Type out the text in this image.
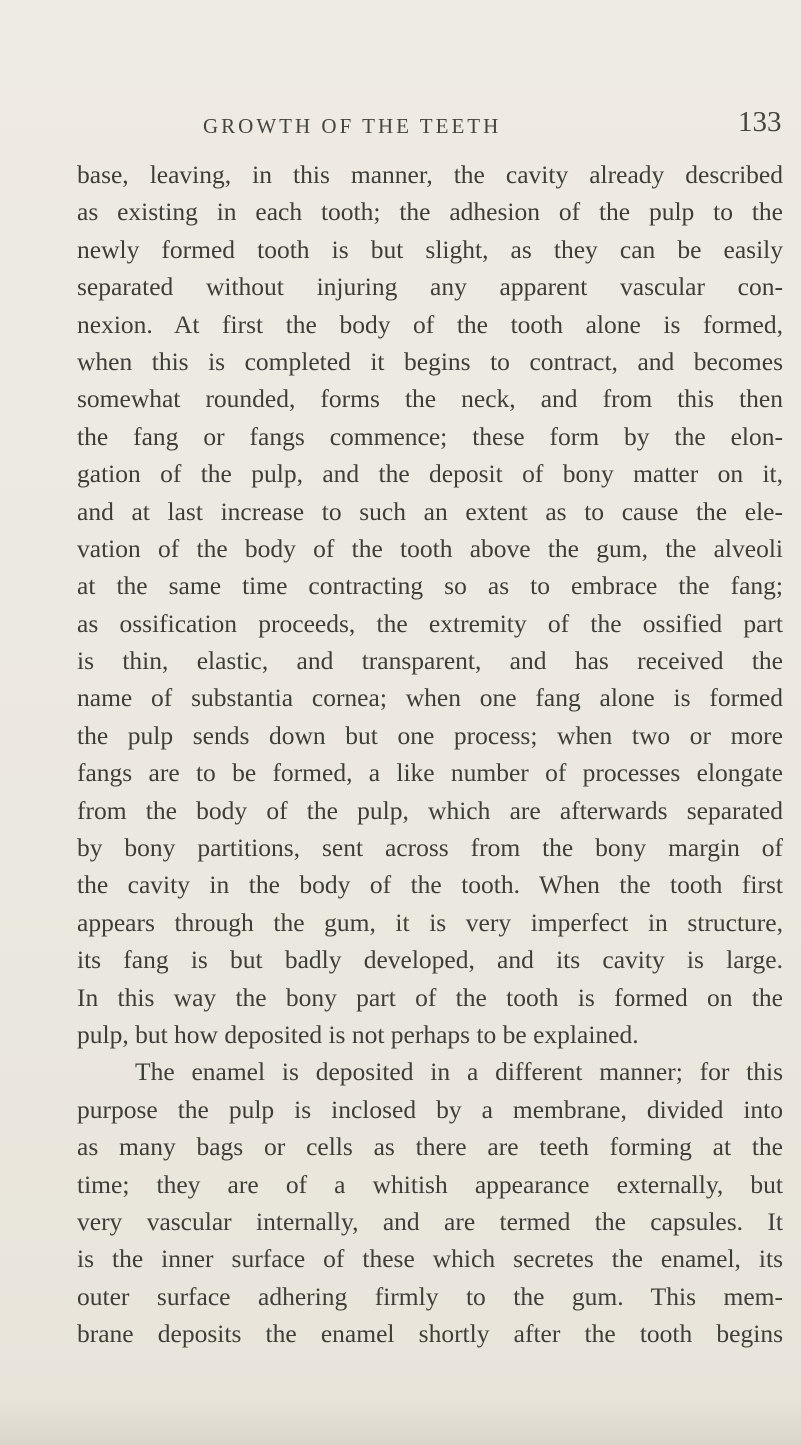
GROWTH OF THE TEETH	133
base, leaving, in this manner, the cavity already described
as existing in each tooth; the adhesion of the pulp to the
newly formed tooth is but slight, as they can be easily
separated without injuring any apparent vascular con-
nexion. At first the body of the tooth alone is formed,
when this is completed it begins to contract, and becomes
somewhat rounded, forms the neck, and from this then
the fang or fangs commence; these form by the elon-
gation of the pulp, and the deposit of bony matter on it,
and at last increase to such an extent as to cause the ele-
vation of the body of the tooth above the gum, the alveoli
at the same time contracting so as to embrace the fang;
as ossification proceeds, the extremity of the ossified part
is thin, elastic, and transparent, and has received the
name of substantia cornea; when one fang alone is formed
the pulp sends down but one process; when two or more
fangs are to be formed, a like number of processes elongate
from the body of the pulp, which are afterwards separated
by bony partitions, sent across from the bony margin of
the cavity in the body of the tooth. When the tooth first
appears through the gum, it is very imperfect in structure,
its fang is but badly developed, and its cavity is large.
In this way the bony part of the tooth is formed on the
pulp, but how deposited is not perhaps to be explained.
The enamel is deposited in a different manner; for this
purpose the pulp is inclosed by a membrane, divided into
as many bags or cells as there are teeth forming at the
time; they are of a whitish appearance externally, but
very vascular internally, and are termed the capsules. It
is the inner surface of these which secretes the enamel, its
outer surface adhering firmly to the gum. This mem-
brane deposits the enamel shortly after the tooth begins
